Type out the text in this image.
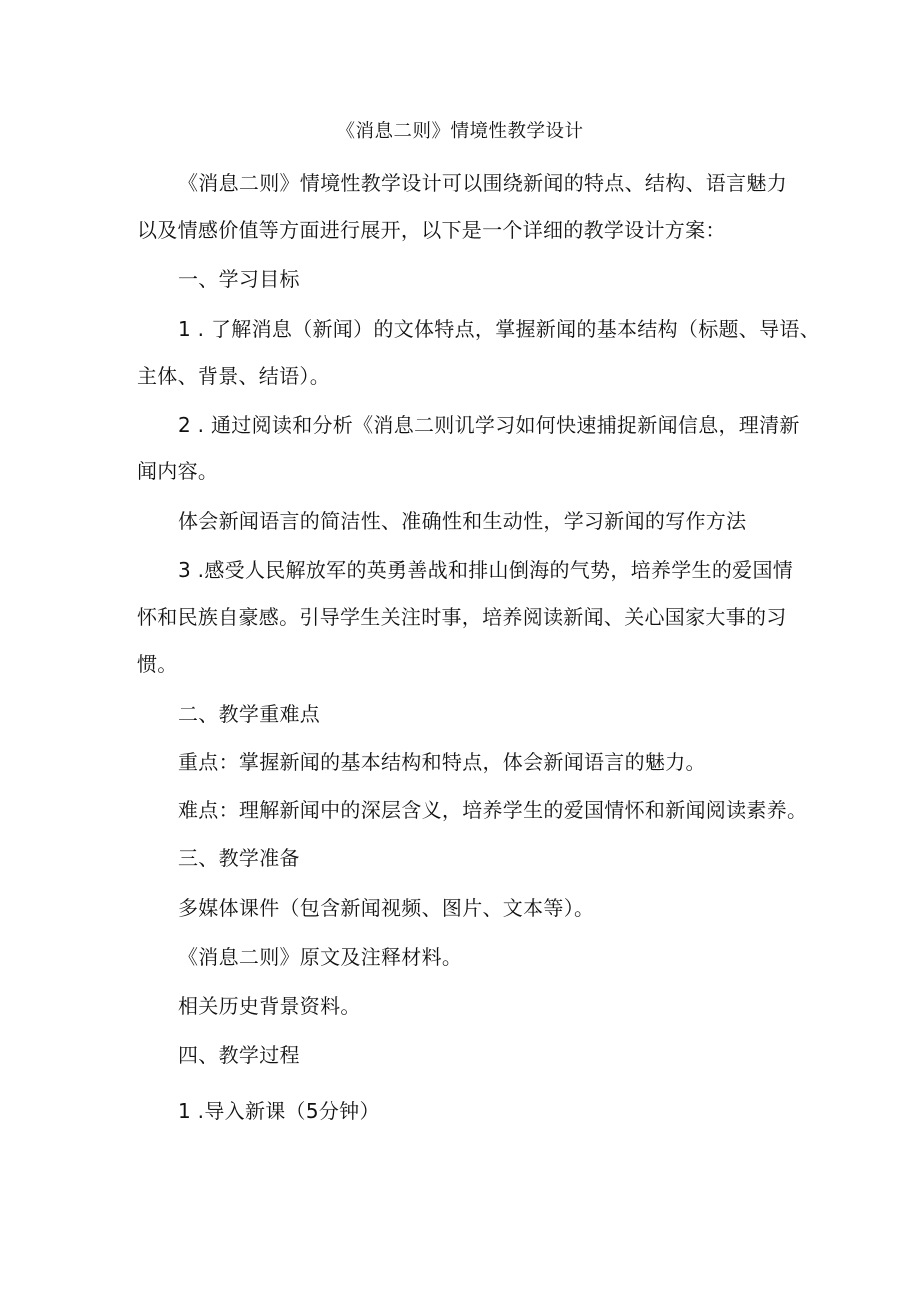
《消息二则》情境性教学设计
《消息二则》情境性教学设计可以围绕新闻的特点、结构、语言魅力
以及情感价值等方面进行展开，以下是一个详细的教学设计方案：
一、学习目标
1 . 了解消息（新闻）的文体特点，掌握新闻的基本结构（标题、导语、
主体、背景、结语）。
2 . 通过阅读和分析《消息二则讥学习如何快速捕捉新闻信息，理清新
闻内容。
体会新闻语言的简洁性、准确性和生动性，学习新闻的写作方法
3 .感受人民解放军的英勇善战和排山倒海的气势，培养学生的爱国情
怀和民族自豪感。引导学生关注时事，培养阅读新闻、关心国家大事的习
惯。
二、教学重难点
重点：掌握新闻的基本结构和特点，体会新闻语言的魅力。
难点：理解新闻中的深层含义，培养学生的爱国情怀和新闻阅读素养。
三、教学准备
多媒体课件（包含新闻视频、图片、文本等）。
《消息二则》原文及注释材料。
相关历史背景资料。
四、教学过程
1 .导入新课（5分钟）
